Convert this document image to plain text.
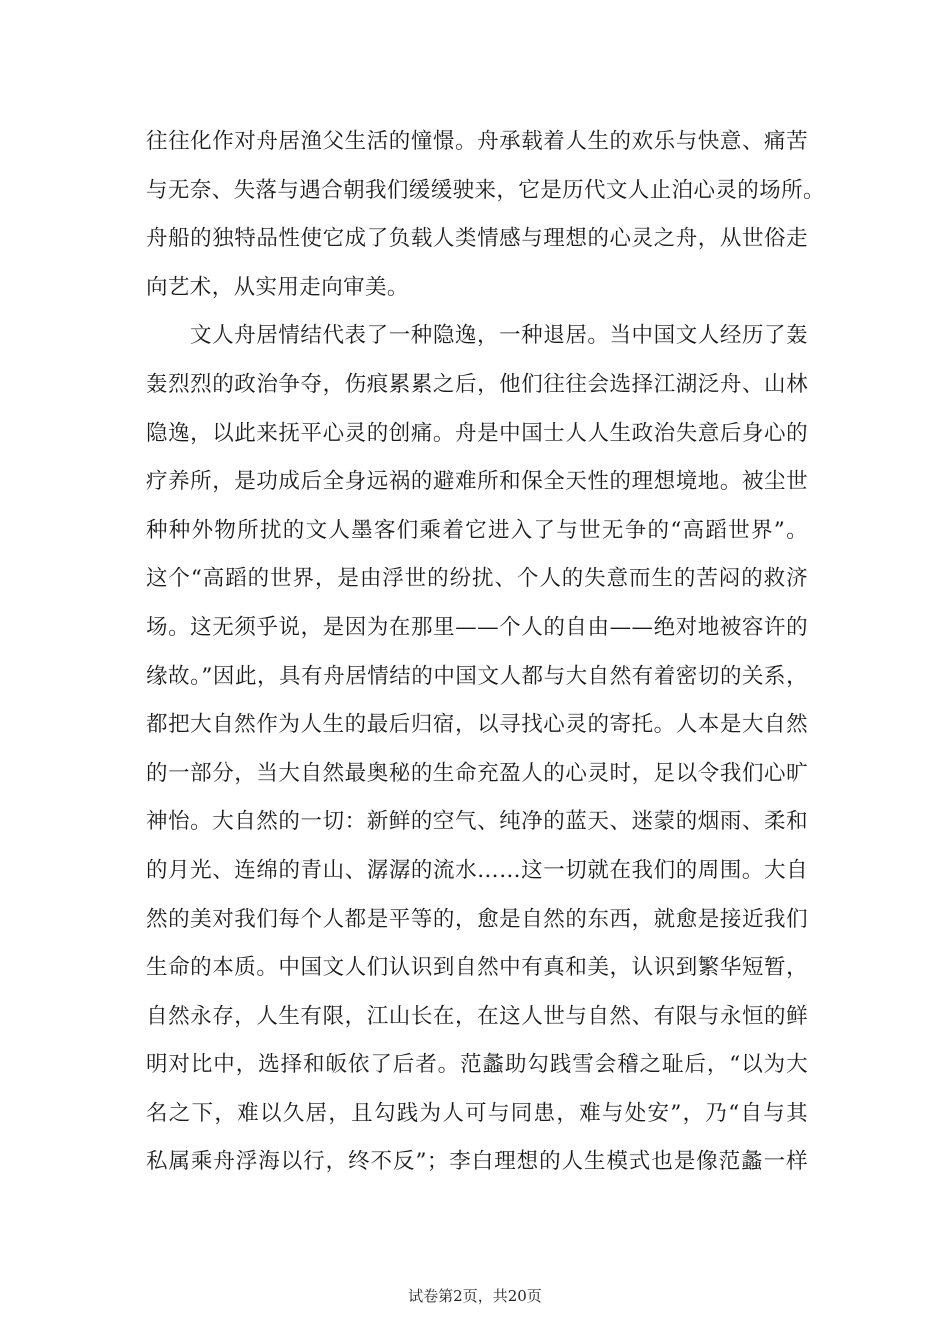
往往化作对舟居渔父生活的憧憬。舟承载着人生的欢乐与快意、痛苦
与无奈、失落与遇合朝我们缓缓驶来，它是历代文人止泊心灵的场所。
舟船的独特品性使它成了负载人类情感与理想的心灵之舟，从世俗走
向艺术，从实用走向审美。
文人舟居情结代表了一种隐逸，一种退居。当中国文人经历了轰
轰烈烈的政治争夺，伤痕累累之后，他们往往会选择江湖泛舟、山林
隐逸，以此来抚平心灵的创痛。舟是中国士人人生政治失意后身心的
疗养所，是功成后全身远祸的避难所和保全天性的理想境地。被尘世
种种外物所扰的文人墨客们乘着它进入了与世无争的“高蹈世界”。
这个“高蹈的世界，是由浮世的纷扰、个人的失意而生的苦闷的救济
场。这无须乎说，是因为在那里——个人的自由——绝对地被容许的
缘故。”因此，具有舟居情结的中国文人都与大自然有着密切的关系，
都把大自然作为人生的最后归宿，以寻找心灵的寄托。人本是大自然
的一部分，当大自然最奥秘的生命充盈人的心灵时，足以令我们心旷
神怡。大自然的一切：新鲜的空气、纯净的蓝天、迷蒙的烟雨、柔和
的月光、连绵的青山、潺潺的流水……这一切就在我们的周围。大自
然的美对我们每个人都是平等的，愈是自然的东西，就愈是接近我们
生命的本质。中国文人们认识到自然中有真和美，认识到繁华短暂，
自然永存，人生有限，江山长在，在这人世与自然、有限与永恒的鲜
明对比中，选择和皈依了后者。范蠡助勾践雪会稽之耻后，“以为大
名之下，难以久居，且勾践为人可与同患，难与处安”，乃“自与其
私属乘舟浮海以行，终不反”；李白理想的人生模式也是像范蠡一样
试卷第2页，共20页
